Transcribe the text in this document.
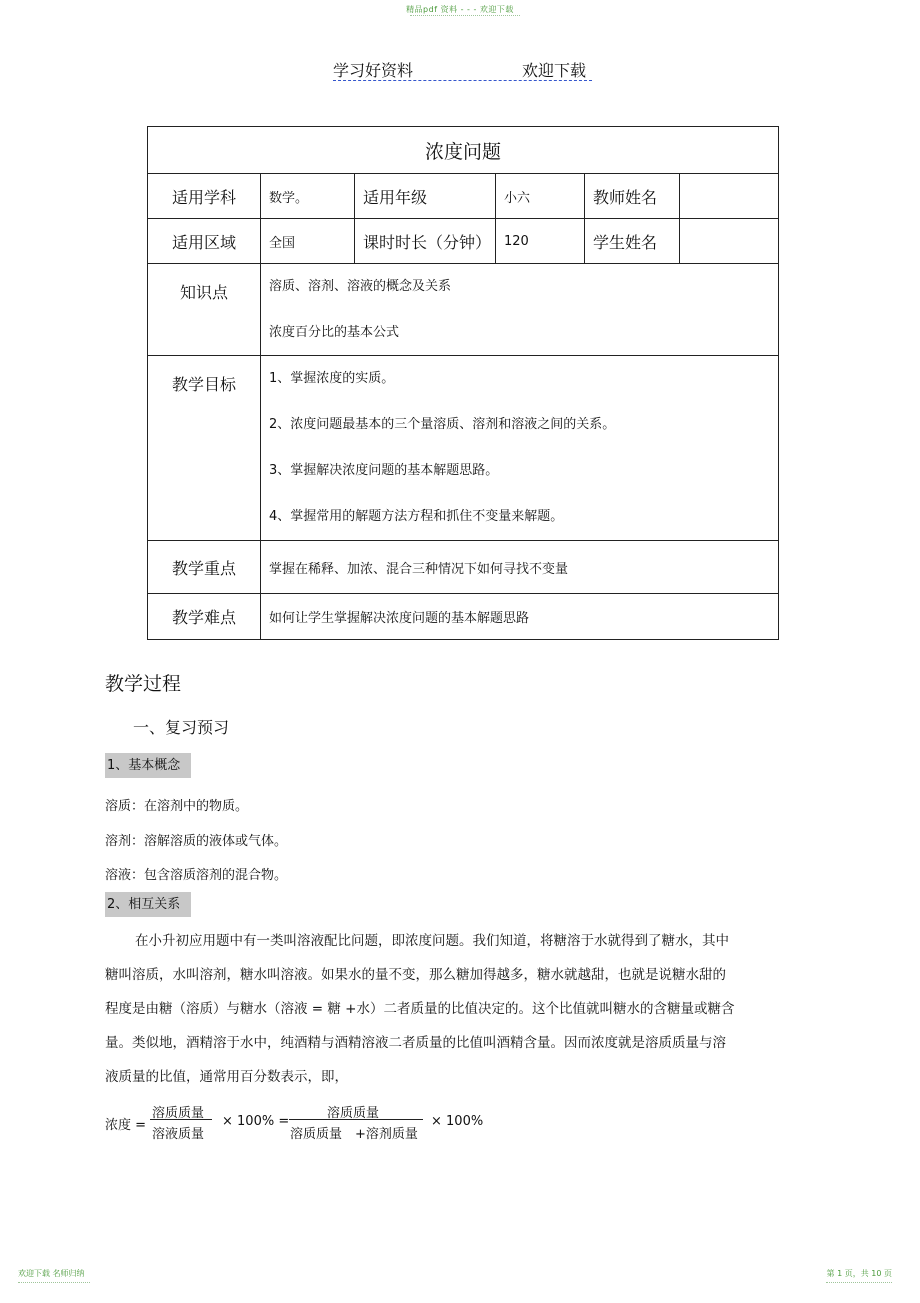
精品pdf 资料 - - - 欢迎下载
学习好资料	欢迎下载
浓度问题					
适用学科	数学。	适用年级	小六	教师姓名	
适用区域	全国	课时时长（分钟）	120	学生姓名	
知识点	溶质、溶剂、溶液的概念及关系

浓度百分比的基本公式				

教学目标	1、掌握浓度的实质。

2、浓度问题最基本的三个量溶质、溶剂和溶液之间的关系。

3、掌握解决浓度问题的基本解题思路。

4、掌握常用的解题方法方程和抓住不变量来解题。				

教学重点	掌握在稀释、加浓、混合三种情况下如何寻找不变量				
教学难点	如何让学生掌握解决浓度问题的基本解题思路				
教学过程
一、复习预习
1、基本概念
溶质：在溶剂中的物质。
溶剂：溶解溶质的液体或气体。
溶液：包含溶质溶剂的混合物。
2、相互关系
在小升初应用题中有一类叫溶液配比问题，即浓度问题。我们知道，将糖溶于水就得到了糖水，其中
糖叫溶质，水叫溶剂，糖水叫溶液。如果水的量不变，那么糖加得越多，糖水就越甜，也就是说糖水甜的
程度是由糖（溶质）与糖水（溶液 = 糖 +水）二者质量的比值决定的。这个比值就叫糖水的含糖量或糖含
量。类似地，酒精溶于水中，纯酒精与酒精溶液二者质量的比值叫酒精含量。因而浓度就是溶质质量与溶
液质量的比值，通常用百分数表示，即，
浓度 =
溶质质量
溶液质量
× 100% =
溶质质量
溶质质量 +溶剂质量
× 100%
欢迎下载 名师归纳	第 1 页，共 10 页
